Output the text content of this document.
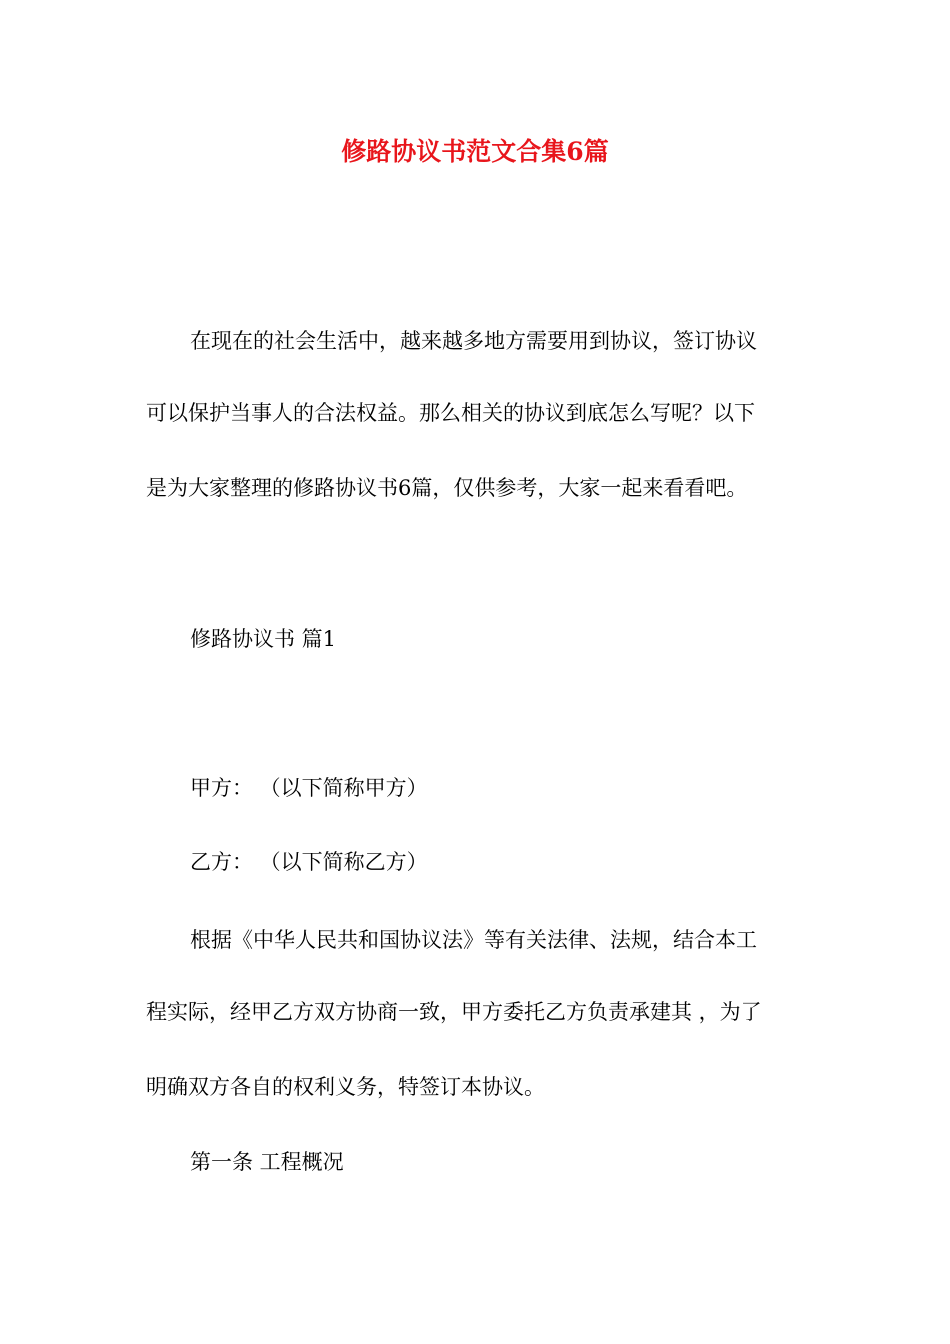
修路协议书范文合集6篇

在现在的社会生活中，越来越多地方需要用到协议，签订协议

可以保护当事人的合法权益。那么相关的协议到底怎么写呢？以下

是为大家整理的修路协议书6篇，仅供参考，大家一起来看看吧。

修路协议书 篇1

甲方： （以下简称甲方）

乙方： （以下简称乙方）

根据《中华人民共和国协议法》等有关法律、法规，结合本工

程实际，经甲乙方双方协商一致，甲方委托乙方负责承建其 ，为了

明确双方各自的权利义务，特签订本协议。

第一条 工程概况
